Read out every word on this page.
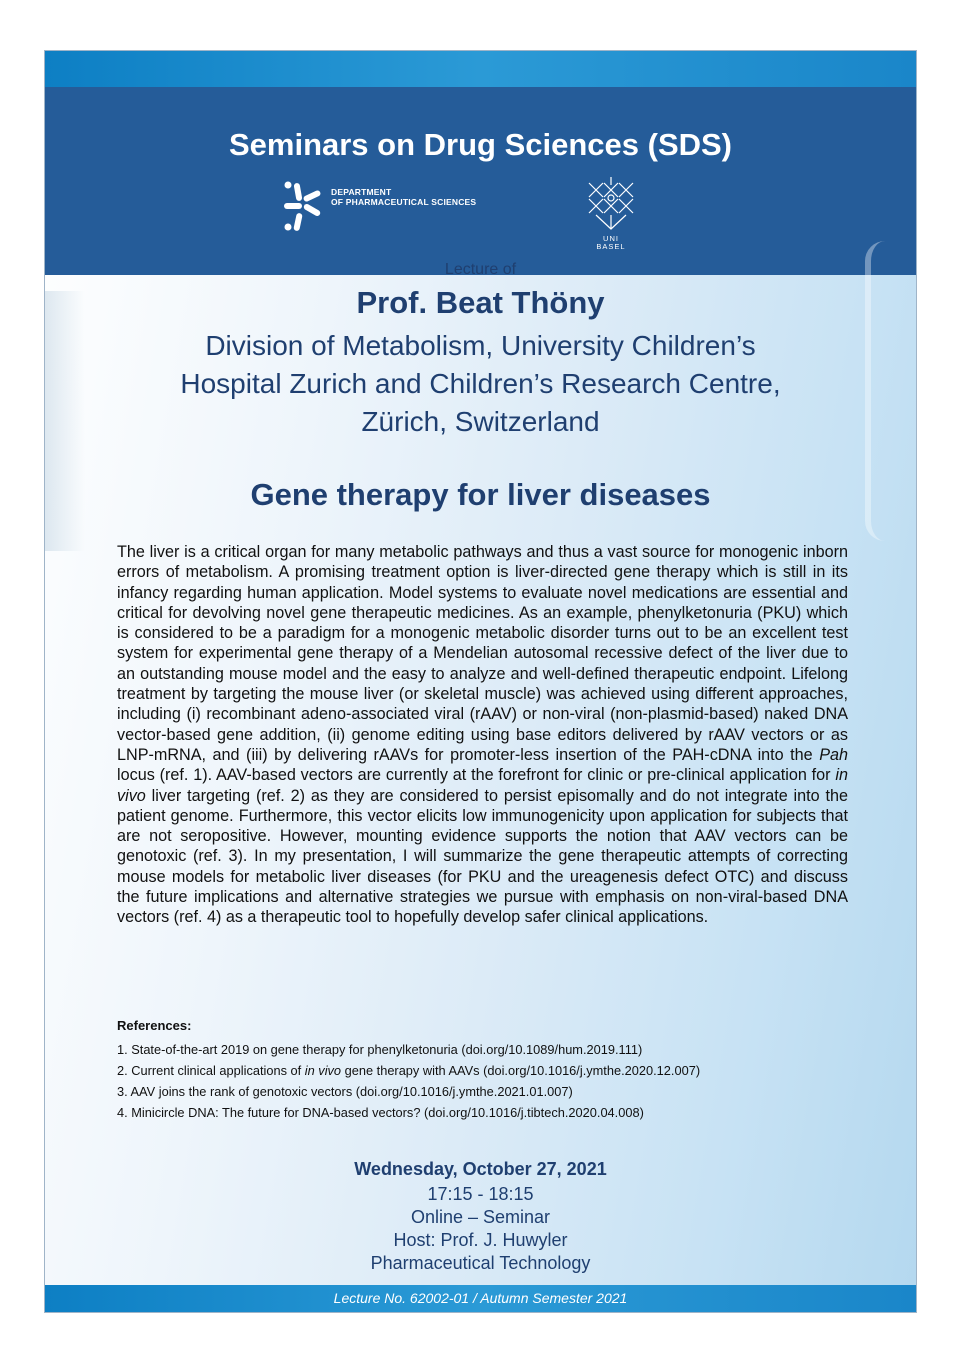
Seminars on Drug Sciences (SDS)
DEPARTMENT
OF PHARMACEUTICAL SCIENCES
UNI
BASEL
Lecture of
Prof. Beat Thöny
Division of Metabolism, University Children’s
Hospital Zurich and Children’s Research Centre,
Zürich, Switzerland
Gene therapy for liver diseases
The liver is a critical organ for many metabolic pathways and thus a vast source for monogenic inborn errors of metabolism. A promising treatment option is liver-directed gene therapy which is still in its infancy regarding human application. Model systems to evaluate novel medications are essential and critical for devolving novel gene therapeutic medicines. As an example, phenylketonuria (PKU) which is considered to be a paradigm for a monogenic metabolic disorder turns out to be an excellent test system for experimental gene therapy of a Mendelian autosomal recessive defect of the liver due to an outstanding mouse model and the easy to analyze and well-defined therapeutic endpoint. Lifelong treatment by targeting the mouse liver (or skeletal muscle) was achieved using different approaches, including (i) recombinant adeno-associated viral (rAAV) or non-viral (non-plasmid-based) naked DNA vector-based gene addition, (ii) genome editing using base editors delivered by rAAV vectors or as LNP-mRNA, and (iii) by delivering rAAVs for promoter-less insertion of the PAH-cDNA into the Pah locus (ref. 1). AAV-based vectors are currently at the forefront for clinic or pre-clinical application for in vivo liver targeting (ref. 2) as they are considered to persist episomally and do not integrate into the patient genome. Furthermore, this vector elicits low immunogenicity upon application for subjects that are not seropositive. However, mounting evidence supports the notion that AAV vectors can be genotoxic (ref. 3). In my presentation, I will summarize the gene therapeutic attempts of correcting mouse models for metabolic liver diseases (for PKU and the ureagenesis defect OTC) and discuss the future implications and alternative strategies we pursue with emphasis on non-viral-based DNA vectors (ref. 4) as a therapeutic tool to hopefully develop safer clinical applications.
References:
1. State-of-the-art 2019 on gene therapy for phenylketonuria (doi.org/10.1089/hum.2019.111)
2. Current clinical applications of in vivo gene therapy with AAVs (doi.org/10.1016/j.ymthe.2020.12.007)
3. AAV joins the rank of genotoxic vectors (doi.org/10.1016/j.ymthe.2021.01.007)
4. Minicircle DNA: The future for DNA-based vectors? (doi.org/10.1016/j.tibtech.2020.04.008)
Wednesday, October 27, 2021
17:15 - 18:15
Online – Seminar
Host: Prof. J. Huwyler
Pharmaceutical Technology
Lecture No. 62002-01 / Autumn Semester 2021
